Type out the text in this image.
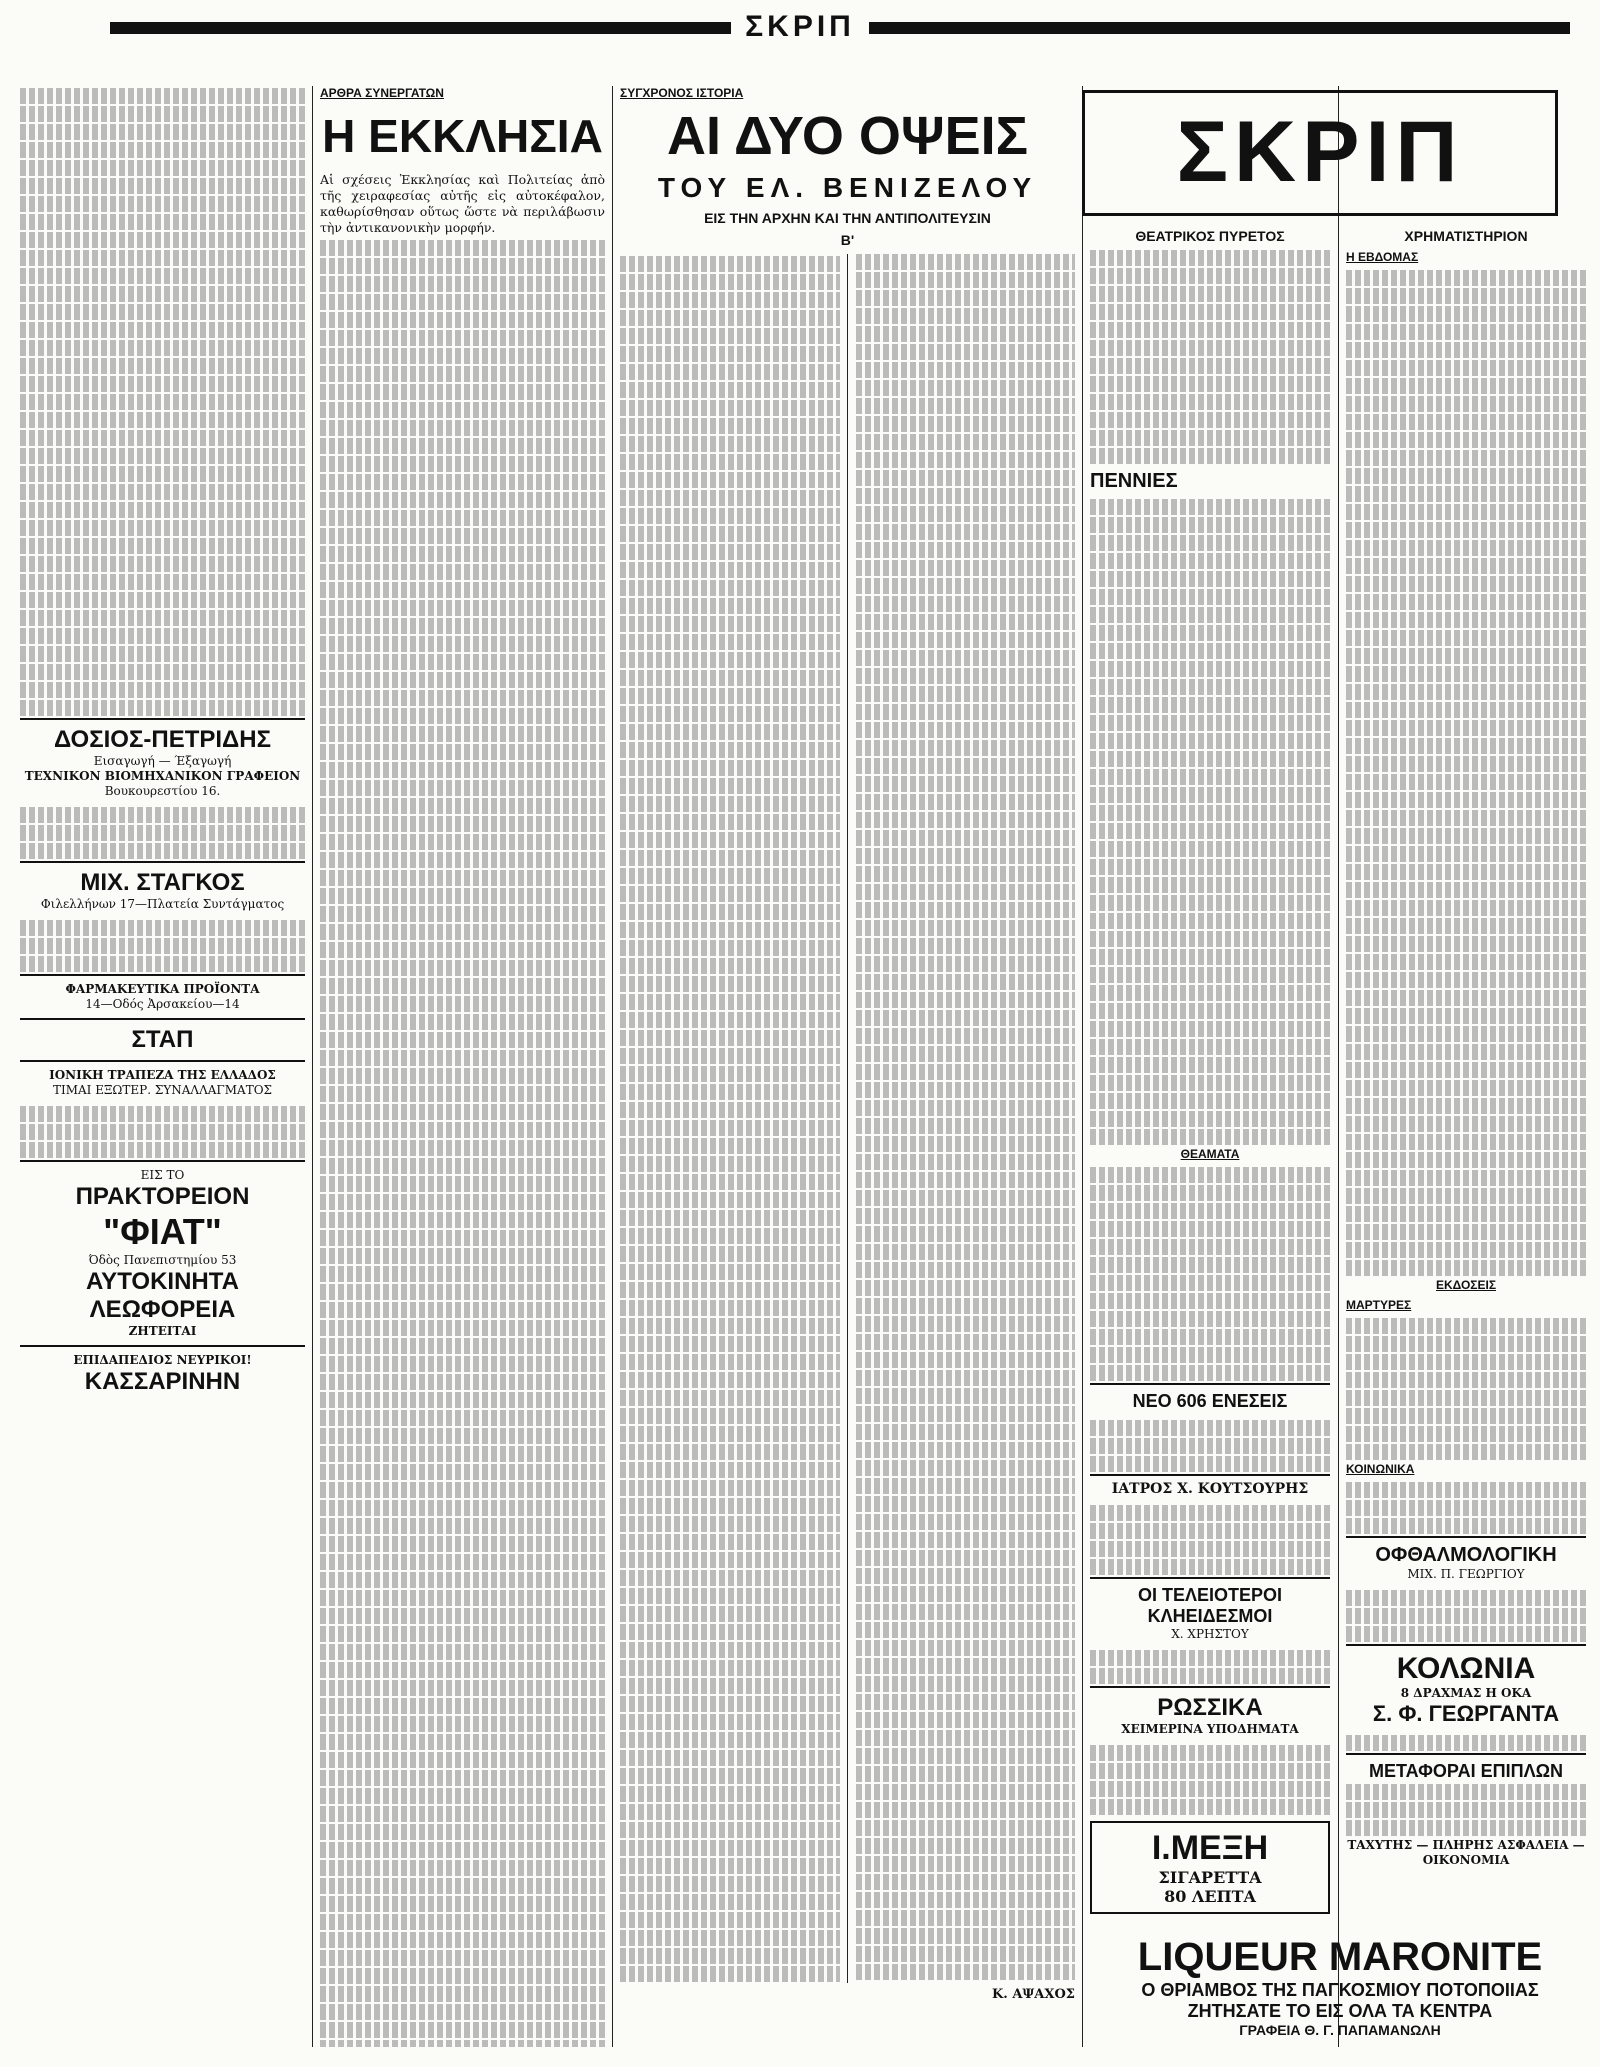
ΣΚΡΙΠ
ΔΟΣΙΟΣ-ΠΕΤΡΙΔΗΣ
Εισαγωγή — Έξαγωγή
ΤΕΧΝΙΚΟΝ ΒΙΟΜΗΧΑΝΙΚΟΝ ΓΡΑΦΕΙΟΝ
Βουκουρεστίου 16.
ΜΙΧ. ΣΤΑΓΚΟΣ
Φιλελλήνων 17—Πλατεία Συντάγματος
ΦΑΡΜΑΚΕΥΤΙΚΑ ΠΡΟΪΟΝΤΑ
14—Οδός Ἀρσακείου—14
ΣΤΑΠ
ΙΟΝΙΚΗ ΤΡΑΠΕΖΑ ΤΗΣ ΕΛΛΑΔΟΣ
ΤΙΜΑΙ ΕΞΩΤΕΡ. ΣΥΝΑΛΛΑΓΜΑΤΟΣ
ΕΙΣ ΤΟ
ΠΡΑΚΤΟΡΕΙΟΝ
"ΦΙΑΤ"
Όδὸς Πανεπιστημίου 53
ΑΥΤΟΚΙΝΗΤΑ
ΛΕΩΦΟΡΕΙΑ
ΖΗΤΕΙΤΑΙ
ΕΠΙΔΑΠΕΔΙΟΣ ΝΕΥΡΙΚΟΙ!
ΚΑΣΣΑΡΙΝΗΝ
ΑΡΘΡΑ ΣΥΝΕΡΓΑΤΩΝ
Η ΕΚΚΛΗΣΙΑ

Αἱ σχέσεις Ἐκκλησίας καὶ Πολιτείας ἀπὸ τῆς χειραφεσίας αὐτῆς εἰς αὐτοκέφαλον, καθωρίσθησαν οὕτως ὥστε νὰ περιλάβωσιν τὴν ἀντικανονικὴν μορφήν.

ΣΥΓΧΡΟΝΟΣ ΙΣΤΟΡΙΑ
ΑΙ ΔΥΟ ΟΨΕΙΣ
ΤΟΥ ΕΛ. ΒΕΝΙΖΕΛΟΥ
ΕΙΣ ΤΗΝ ΑΡΧΗΝ ΚΑΙ ΤΗΝ ΑΝΤΙΠΟΛΙΤΕΥΣΙΝ
Β'
Κ. ΑΨΑΧΟΣ
ΣΚΡΙΠ
ΘΕΑΤΡΙΚΟΣ ΠΥΡΕΤΟΣ
ΠΕΝΝΙΕΣ
ΘΕΑΜΑΤΑ
ΝΕΟ 606 ΕΝΕΣΕΙΣ
ΙΑΤΡΟΣ Χ. ΚΟΥΤΣΟΥΡΗΣ
ΟΙ ΤΕΛΕΙΟΤΕΡΟΙ ΚΛΗΕΙΔΕΣΜΟΙ
Χ. ΧΡΗΣΤΟΥ
ΡΩΣΣΙΚΑ
ΧΕΙΜΕΡΙΝΑ ΥΠΟΔΗΜΑΤΑ
Ι.ΜΕΞΗ
ΣΙΓΑΡΕΤΤΑ
80 ΛΕΠΤΑ
ΧΡΗΜΑΤΙΣΤΗΡΙΟΝ
Η ΕΒΔΟΜΑΣ
ΕΚΔΟΣΕΙΣ
ΜΑΡΤΥΡΕΣ
ΚΟΙΝΩΝΙΚΑ
ΟΦΘΑΛΜΟΛΟΓΙΚΗ
ΜΙΧ. Π. ΓΕΩΡΓΙΟΥ
ΚΟΛΩΝΙΑ
8 ΔΡΑΧΜΑΣ Η ΟΚΑ
Σ. Φ. ΓΕΩΡΓΑΝΤΑ
ΜΕΤΑΦΟΡΑΙ ΕΠΙΠΛΩΝ
ΤΑΧΥΤΗΣ — ΠΛΗΡΗΣ ΑΣΦΑΛΕΙΑ — ΟΙΚΟΝΟΜΙΑ
LIQUEUR MARONITE
Ο ΘΡΙΑΜΒΟΣ ΤΗΣ ΠΑΓΚΟΣΜΙΟΥ ΠΟΤΟΠΟΙΙΑΣ
ΖΗΤΗΣΑΤΕ ΤΟ ΕΙΣ ΟΛΑ ΤΑ ΚΕΝΤΡΑ
ΓΡΑΦΕΙΑ Θ. Γ. ΠΑΠΑΜΑΝΩΛΗ
